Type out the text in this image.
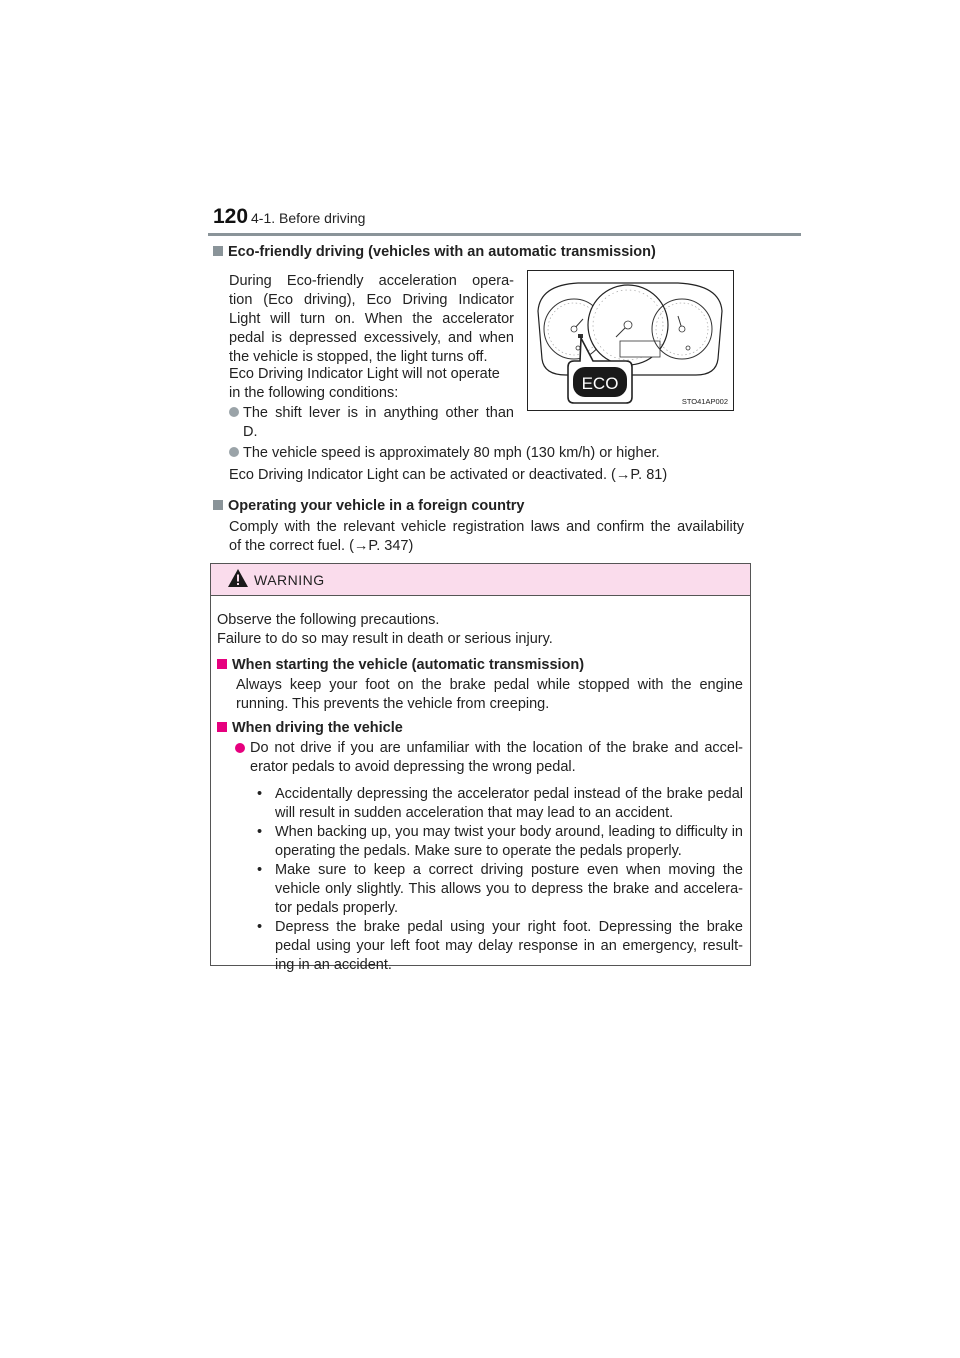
120 4-1. Before driving
Eco-friendly driving (vehicles with an automatic transmission)
During Eco-friendly acceleration opera-
tion (Eco driving), Eco Driving Indicator
Light will turn on. When the accelerator
pedal is depressed excessively, and when
the vehicle is stopped, the light turns off.
Eco Driving Indicator Light will not operate
in the following conditions:
The shift lever is in anything other than
D.
The vehicle speed is approximately 80 mph (130 km/h) or higher.
Eco Driving Indicator Light can be activated or deactivated. (→P. 81)
ECO
STO41AP002
Operating your vehicle in a foreign country
Comply with the relevant vehicle registration laws and confirm the availability
of the correct fuel. (→P. 347)
WARNING
Observe the following precautions.
Failure to do so may result in death or serious injury.
When starting the vehicle (automatic transmission)
Always keep your foot on the brake pedal while stopped with the engine running. This prevents the vehicle from creeping.
When driving the vehicle
Do not drive if you are unfamiliar with the location of the brake and accel-erator pedals to avoid depressing the wrong pedal.
• Accidentally depressing the accelerator pedal instead of the brake pedal will result in sudden acceleration that may lead to an accident.
• When backing up, you may twist your body around, leading to difficulty in operating the pedals. Make sure to operate the pedals properly.
• Make sure to keep a correct driving posture even when moving the vehicle only slightly. This allows you to depress the brake and accelera-tor pedals properly.
• Depress the brake pedal using your right foot. Depressing the brake pedal using your left foot may delay response in an emergency, result-ing in an accident.
